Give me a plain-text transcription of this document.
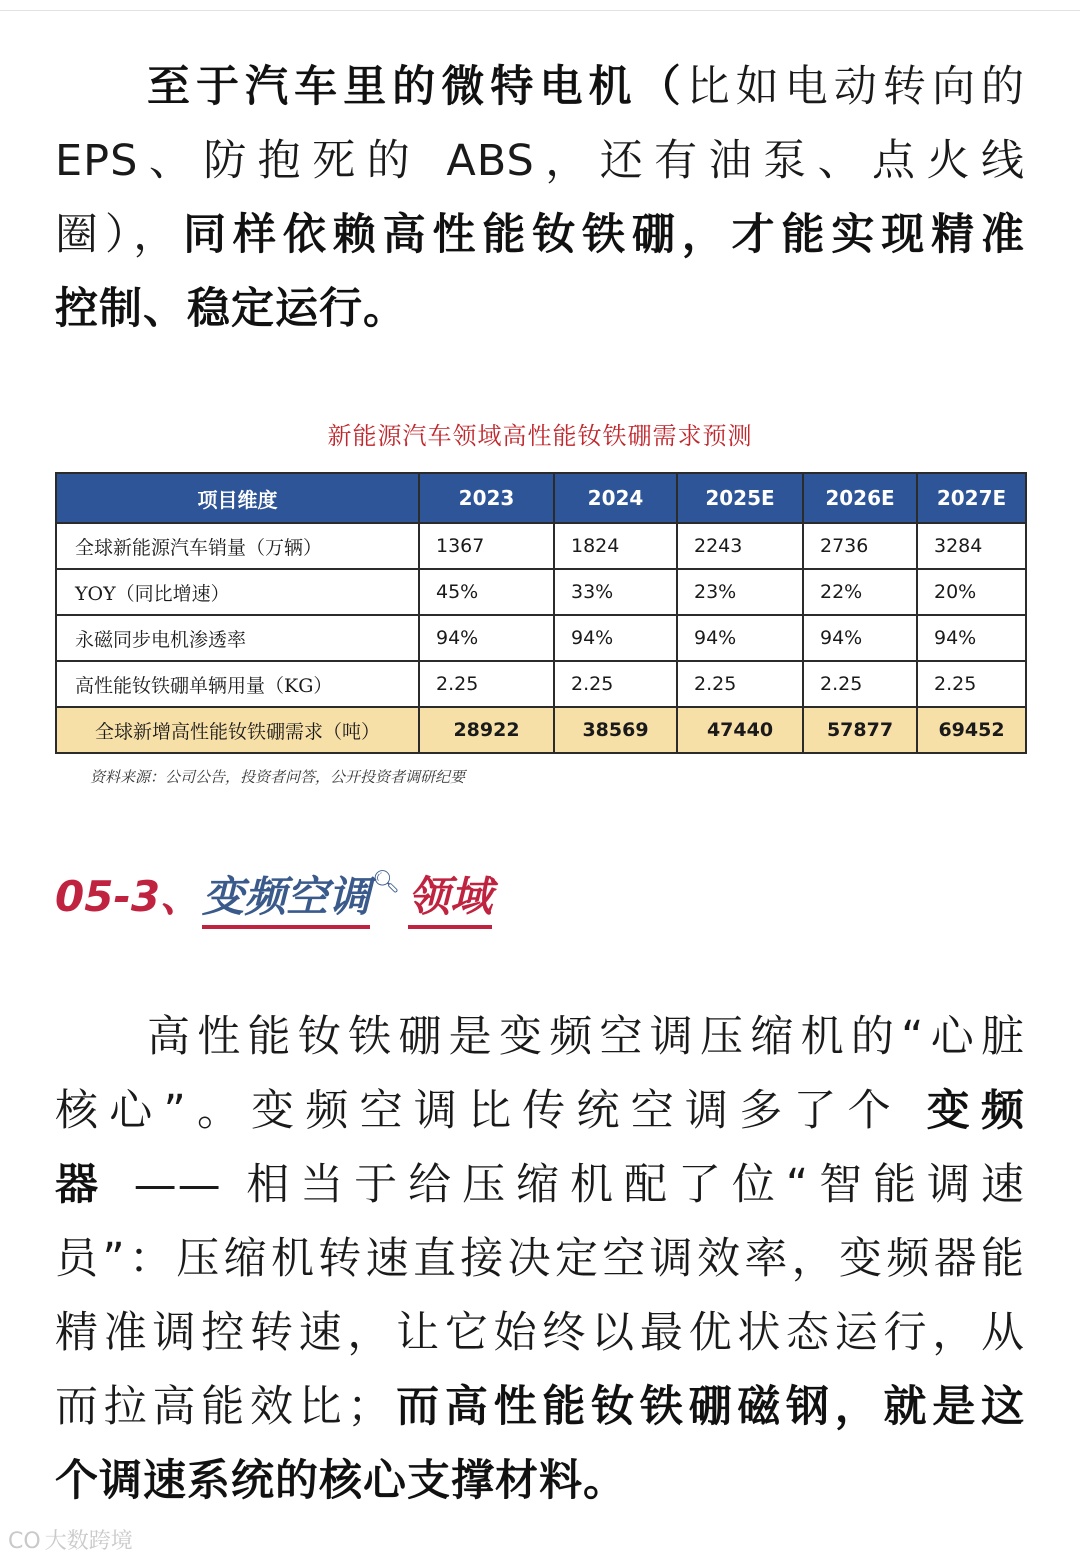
至于汽车里的微特电机（比如电动转向的
EPS、防抱死的 ABS，还有油泵、点火线
圈），同样依赖高性能钕铁硼，才能实现精准
控制、稳定运行。
新能源汽车领域高性能钕铁硼需求预测
项目维度	2023	2024	2025E	2026E	2027E
全球新能源汽车销量（万辆）	1367	1824	2243	2736	3284
YOY（同比增速）	45%	33%	23%	22%	20%
永磁同步电机渗透率	94%	94%	94%	94%	94%
高性能钕铁硼单辆用量（KG）	2.25	2.25	2.25	2.25	2.25
全球新增高性能钕铁硼需求（吨）	28922	38569	47440	57877	69452
资料来源：公司公告，投资者问答，公开投资者调研纪要
05-3、变频空调🔍︎ 领域
高性能钕铁硼是变频空调压缩机的“心脏
核心”。变频空调比传统空调多了个 变频
器 —— 相当于给压缩机配了位“智能调速
员”：压缩机转速直接决定空调效率，变频器能
精准调控转速，让它始终以最优状态运行，从
而拉高能效比；而高性能钕铁硼磁钢，就是这
个调速系统的核心支撑材料。
CO 大数跨境
